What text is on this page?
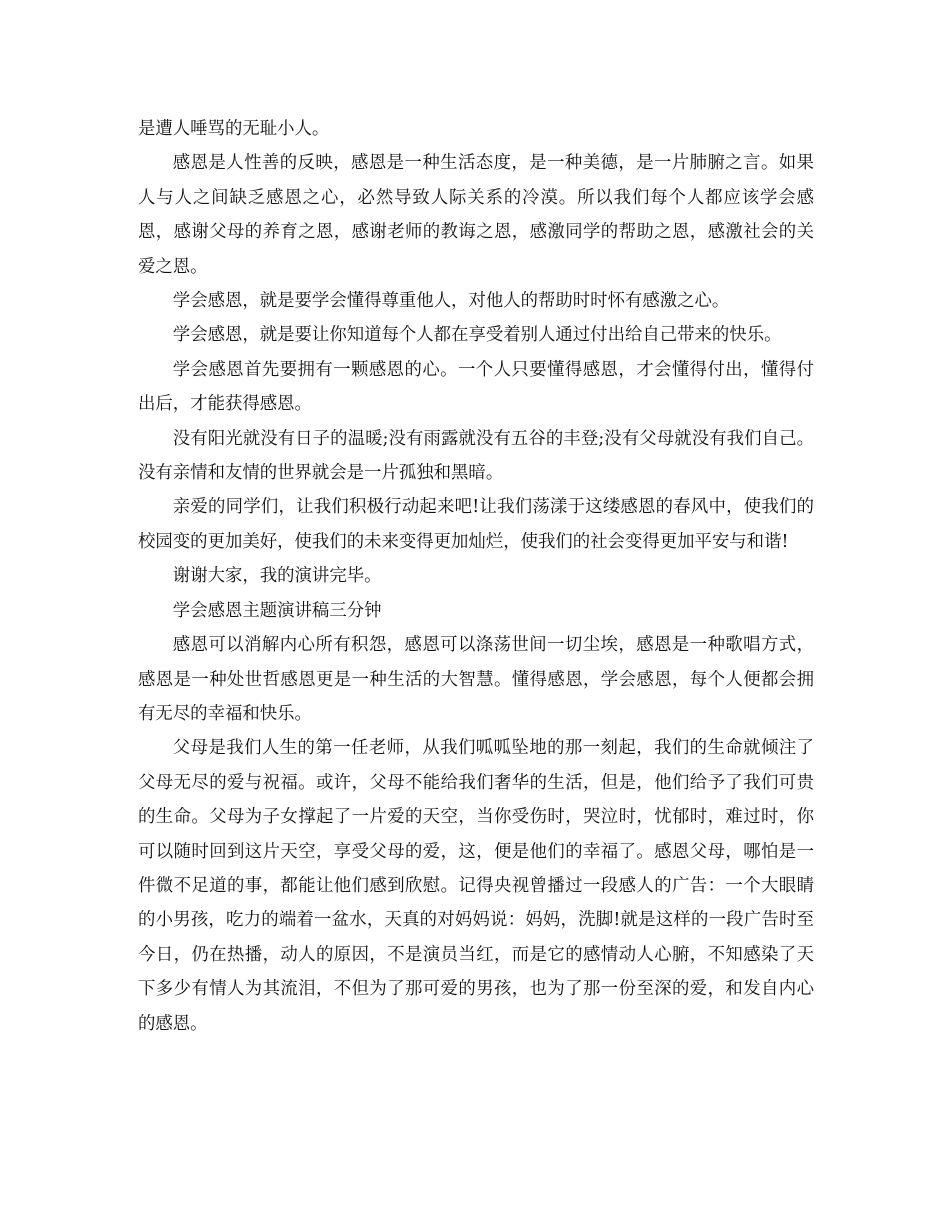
是遭人唾骂的无耻小人。

感恩是人性善的反映，感恩是一种生活态度，是一种美德，是一片肺腑之言。如果人与人之间缺乏感恩之心，必然导致人际关系的冷漠。所以我们每个人都应该学会感恩，感谢父母的养育之恩，感谢老师的教诲之恩，感激同学的帮助之恩，感激社会的关爱之恩。

学会感恩，就是要学会懂得尊重他人，对他人的帮助时时怀有感激之心。

学会感恩，就是要让你知道每个人都在享受着别人通过付出给自己带来的快乐。

学会感恩首先要拥有一颗感恩的心。一个人只要懂得感恩，才会懂得付出，懂得付出后，才能获得感恩。

没有阳光就没有日子的温暖;没有雨露就没有五谷的丰登;没有父母就没有我们自己。没有亲情和友情的世界就会是一片孤独和黑暗。

亲爱的同学们，让我们积极行动起来吧!让我们荡漾于这缕感恩的春风中，使我们的校园变的更加美好，使我们的未来变得更加灿烂，使我们的社会变得更加平安与和谐!

谢谢大家，我的演讲完毕。

学会感恩主题演讲稿三分钟

感恩可以消解内心所有积怨，感恩可以涤荡世间一切尘埃，感恩是一种歌唱方式，感恩是一种处世哲感恩更是一种生活的大智慧。懂得感恩，学会感恩，每个人便都会拥有无尽的幸福和快乐。

父母是我们人生的第一任老师，从我们呱呱坠地的那一刻起，我们的生命就倾注了父母无尽的爱与祝福。或许，父母不能给我们奢华的生活，但是，他们给予了我们可贵的生命。父母为子女撑起了一片爱的天空，当你受伤时，哭泣时，忧郁时，难过时，你可以随时回到这片天空，享受父母的爱，这，便是他们的幸福了。感恩父母，哪怕是一件微不足道的事，都能让他们感到欣慰。记得央视曾播过一段感人的广告：一个大眼睛的小男孩，吃力的端着一盆水，天真的对妈妈说：妈妈，洗脚!就是这样的一段广告时至今日，仍在热播，动人的原因，不是演员当红，而是它的感情动人心腑，不知感染了天下多少有情人为其流泪，不但为了那可爱的男孩，也为了那一份至深的爱，和发自内心的感恩。
